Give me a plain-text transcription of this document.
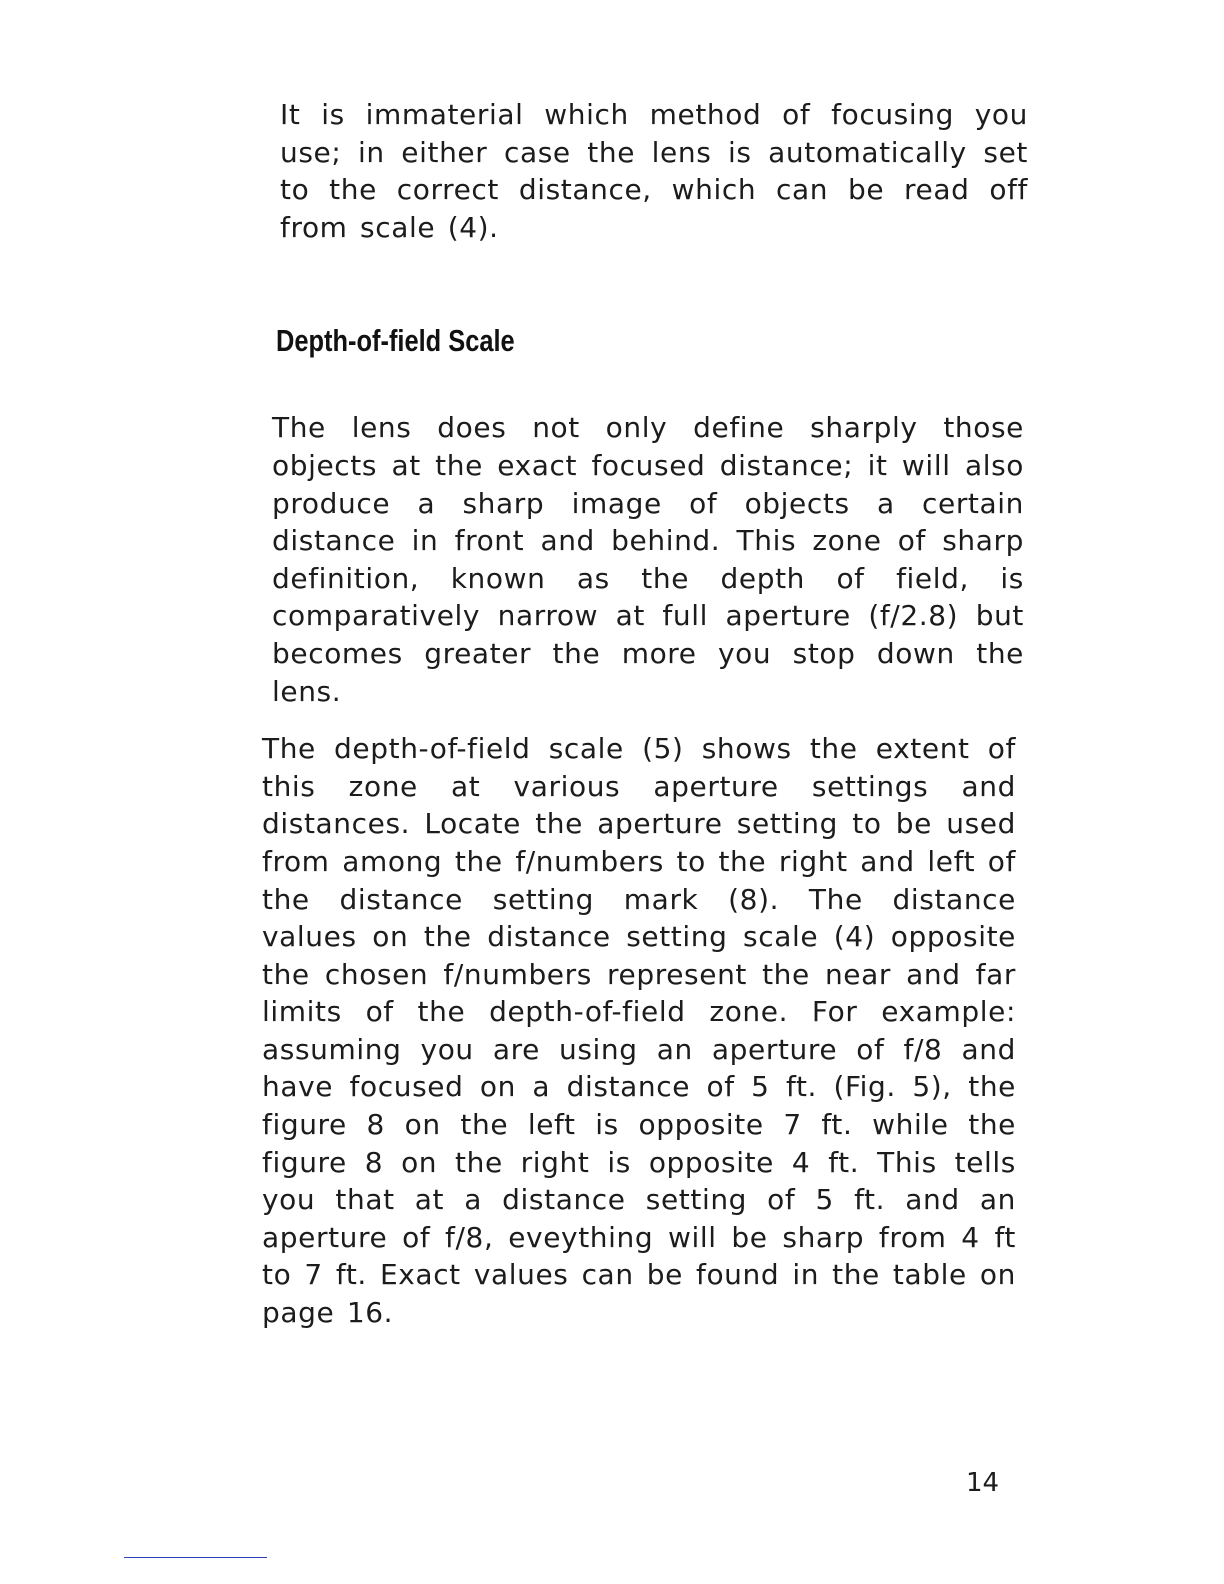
It is immaterial which method of focusing you use; in either case the lens is automatically set to the correct distance, which can be read off from scale (4).

Depth-of-field Scale

The lens does not only define sharply those objects at the exact focused distance; it will also produce a sharp image of objects a certain distance in front and behind. This zone of sharp definition, known as the depth of field, is comparatively narrow at full aperture (f/2.8) but becomes greater the more you stop down the lens.

The depth-of-field scale (5) shows the extent of this zone at various aperture settings and distances. Locate the aperture setting to be used from among the f/numbers to the right and left of the distance setting mark (8). The distance values on the distance setting scale (4) opposite the chosen f/numbers represent the near and far limits of the depth-of-field zone. For example: assuming you are using an aperture of f/8 and have focused on a distance of 5 ft. (Fig. 5), the figure 8 on the left is opposite 7 ft. while the figure 8 on the right is opposite 4 ft. This tells you that at a distance setting of 5 ft. and an aperture of f/8, eveything will be sharp from 4 ft to 7 ft. Exact values can be found in the table on page 16.

14
